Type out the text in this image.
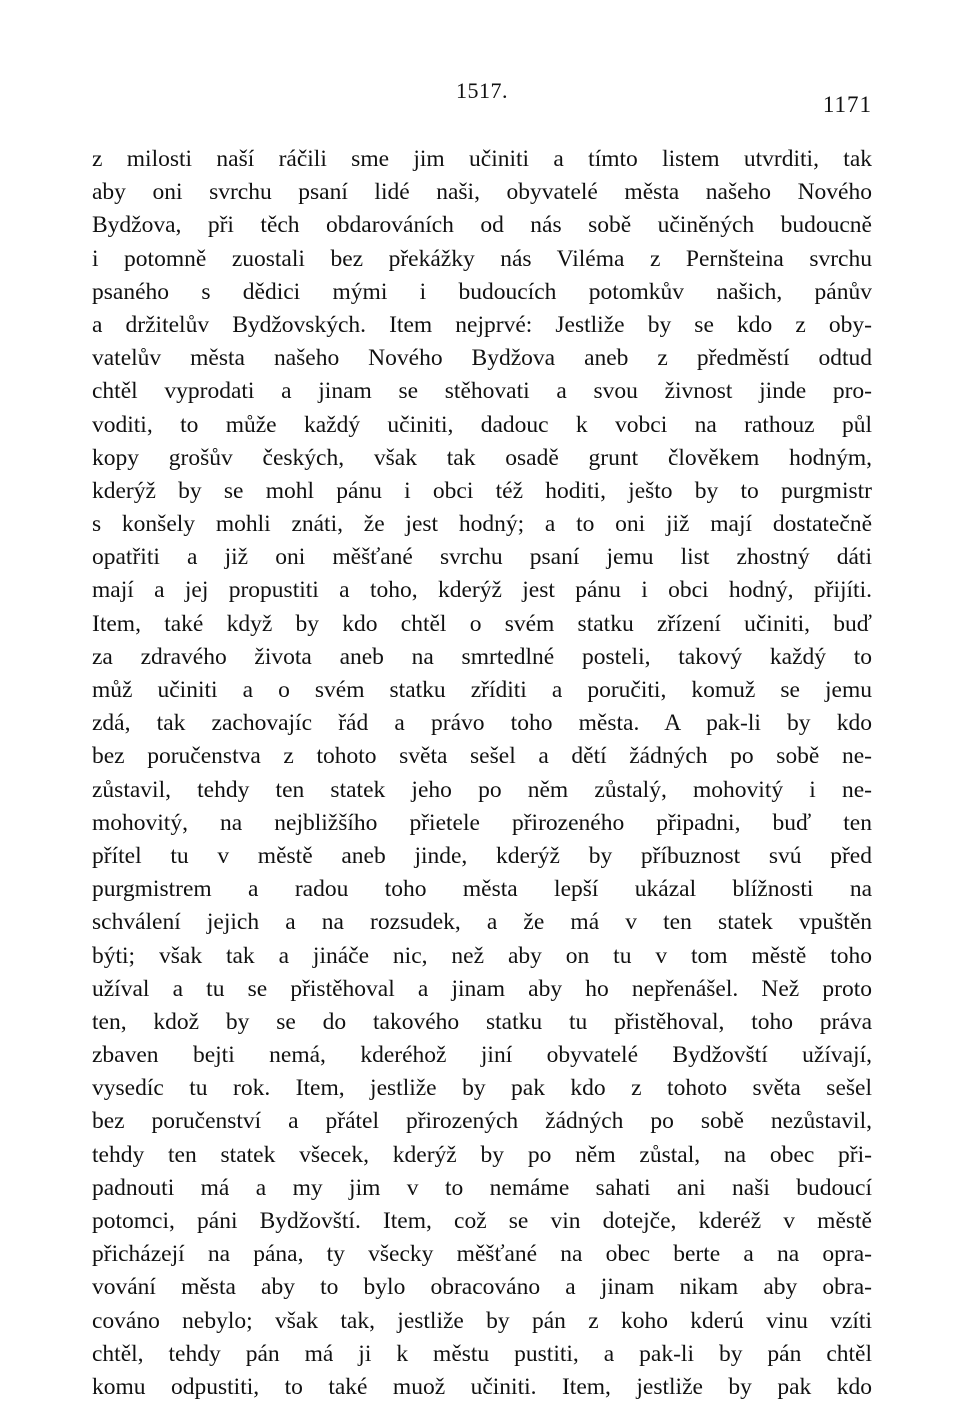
1517.
1171
z milosti naší ráčili sme jim učiniti a tímto listem utvrditi, tak
aby oni svrchu psaní lidé naši, obyvatelé města našeho Nového
Bydžova, při těch obdarováních od nás sobě učiněných budoucně
i potomně zuostali bez překážky nás Viléma z Pernšteina svrchu
psaného s dědici mými i budoucích potomkův našich, pánův
a držitelův Bydžovských. Item nejprvé: Jestliže by se kdo z oby-
vatelův města našeho Nového Bydžova aneb z předměstí odtud
chtěl vyprodati a jinam se stěhovati a svou živnost jinde pro-
voditi, to může každý učiniti, dadouc k vobci na rathouz půl
kopy grošův českých, však tak osadě grunt člověkem hodným,
kderýž by se mohl pánu i obci též hoditi, ješto by to purgmistr
s konšely mohli znáti, že jest hodný; a to oni již mají dostatečně
opatřiti a již oni měšťané svrchu psaní jemu list zhostný dáti
mají a jej propustiti a toho, kderýž jest pánu i obci hodný, přijíti.
Item, také když by kdo chtěl o svém statku zřízení učiniti, buď
za zdravého života aneb na smrtedlné posteli, takový každý to
můž učiniti a o svém statku zříditi a poručiti, komuž se jemu
zdá, tak zachovajíc řád a právo toho města. A pak-li by kdo
bez poručenstva z tohoto světa sešel a dětí žádných po sobě ne-
zůstavil, tehdy ten statek jeho po něm zůstalý, mohovitý i ne-
mohovitý, na nejbližšího přietele přirozeného připadni, buď ten
přítel tu v městě aneb jinde, kderýž by příbuznost svú před
purgmistrem a radou toho města lepší ukázal blížnosti na
schválení jejich a na rozsudek, a že má v ten statek vpuštěn
býti; však tak a jináče nic, než aby on tu v tom městě toho
užíval a tu se přistěhoval a jinam aby ho nepřenášel. Než proto
ten, kdož by se do takového statku tu přistěhoval, toho práva
zbaven bejti nemá, kderéhož jiní obyvatelé Bydžovští užívají,
vysedíc tu rok. Item, jestliže by pak kdo z tohoto světa sešel
bez poručenství a přátel přirozených žádných po sobě nezůstavil,
tehdy ten statek všecek, kderýž by po něm zůstal, na obec při-
padnouti má a my jim v to nemáme sahati ani naši budoucí
potomci, páni Bydžovští. Item, což se vin dotejče, kderéž v městě
přicházejí na pána, ty všecky měšťané na obec berte a na opra-
vování města aby to bylo obracováno a jinam nikam aby obra-
cováno nebylo; však tak, jestliže by pán z koho kderú vinu vzíti
chtěl, tehdy pán má ji k městu pustiti, a pak-li by pán chtěl
komu odpustiti, to také muož učiniti. Item, jestliže by pak kdo
